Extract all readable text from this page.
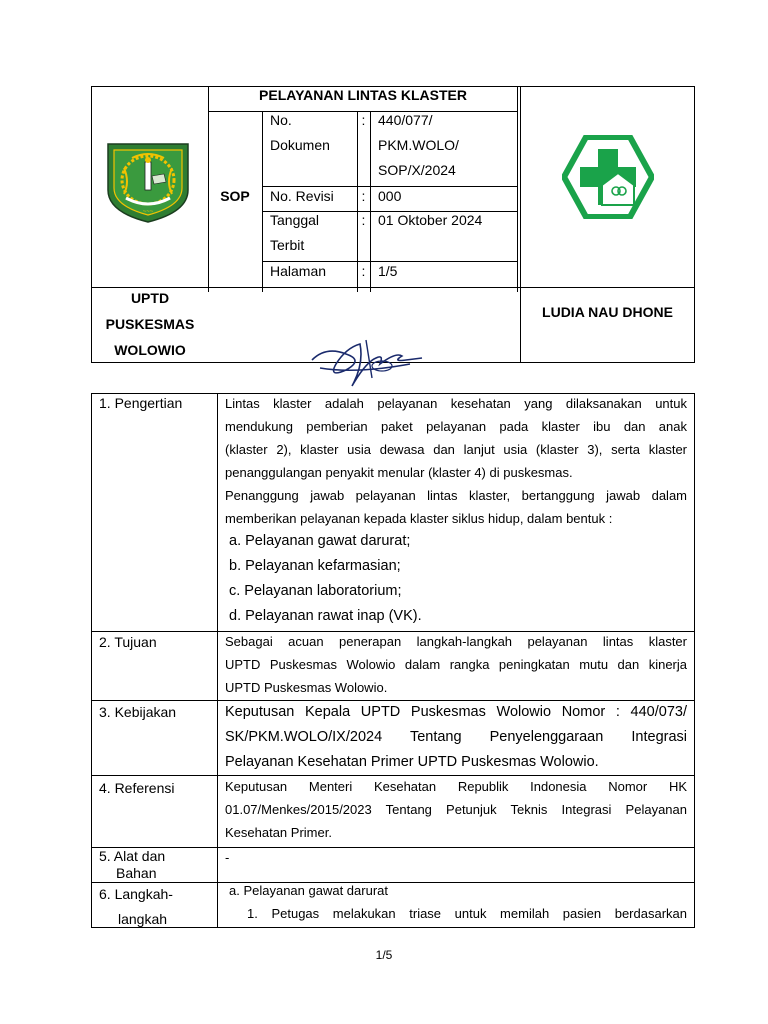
~~~
PELAYANAN LINTAS KLASTER
SOP
No.
Dokumen
: 440/077/
PKM.WOLO/
SOP/X/2024
No. Revisi	: 000
Tanggal
Terbit
: 01 Oktober 2024
Halaman	: 1/5
UPTD
PUSKESMAS
WOLOWIO
LUDIA NAU DHONE
1. Pengertian	Lintas klaster adalah pelayanan kesehatan yang dilaksanakan untuk
mendukung pemberian paket pelayanan pada klaster ibu dan anak
(klaster 2), klaster usia dewasa dan lanjut usia (klaster 3), serta klaster
penanggulangan penyakit menular (klaster 4) di puskesmas.
Penanggung jawab pelayanan lintas klaster, bertanggung jawab dalam
memberikan pelayanan kepada klaster siklus hidup, dalam bentuk :
a. Pelayanan gawat darurat;
b. Pelayanan kefarmasian;
c. Pelayanan laboratorium;
d. Pelayanan rawat inap (VK).
2. Tujuan	Sebagai acuan penerapan langkah-langkah pelayanan lintas klaster
UPTD Puskesmas Wolowio dalam rangka peningkatan mutu dan kinerja
UPTD Puskesmas Wolowio.
3. Kebijakan	Keputusan Kepala UPTD Puskesmas Wolowio Nomor : 440/073/
SK/PKM.WOLO/IX/2024 Tentang Penyelenggaraan Integrasi
Pelayanan Kesehatan Primer UPTD Puskesmas Wolowio.
4. Referensi	Keputusan Menteri Kesehatan Republik Indonesia Nomor HK
01.07/Menkes/2015/2023 Tentang Petunjuk Teknis Integrasi Pelayanan
Kesehatan Primer.
5. Alat dan
Bahan
-
6. Langkah-
langkah
a. Pelayanan gawat darurat
1. Petugas melakukan triase untuk memilah pasien berdasarkan
1/5
